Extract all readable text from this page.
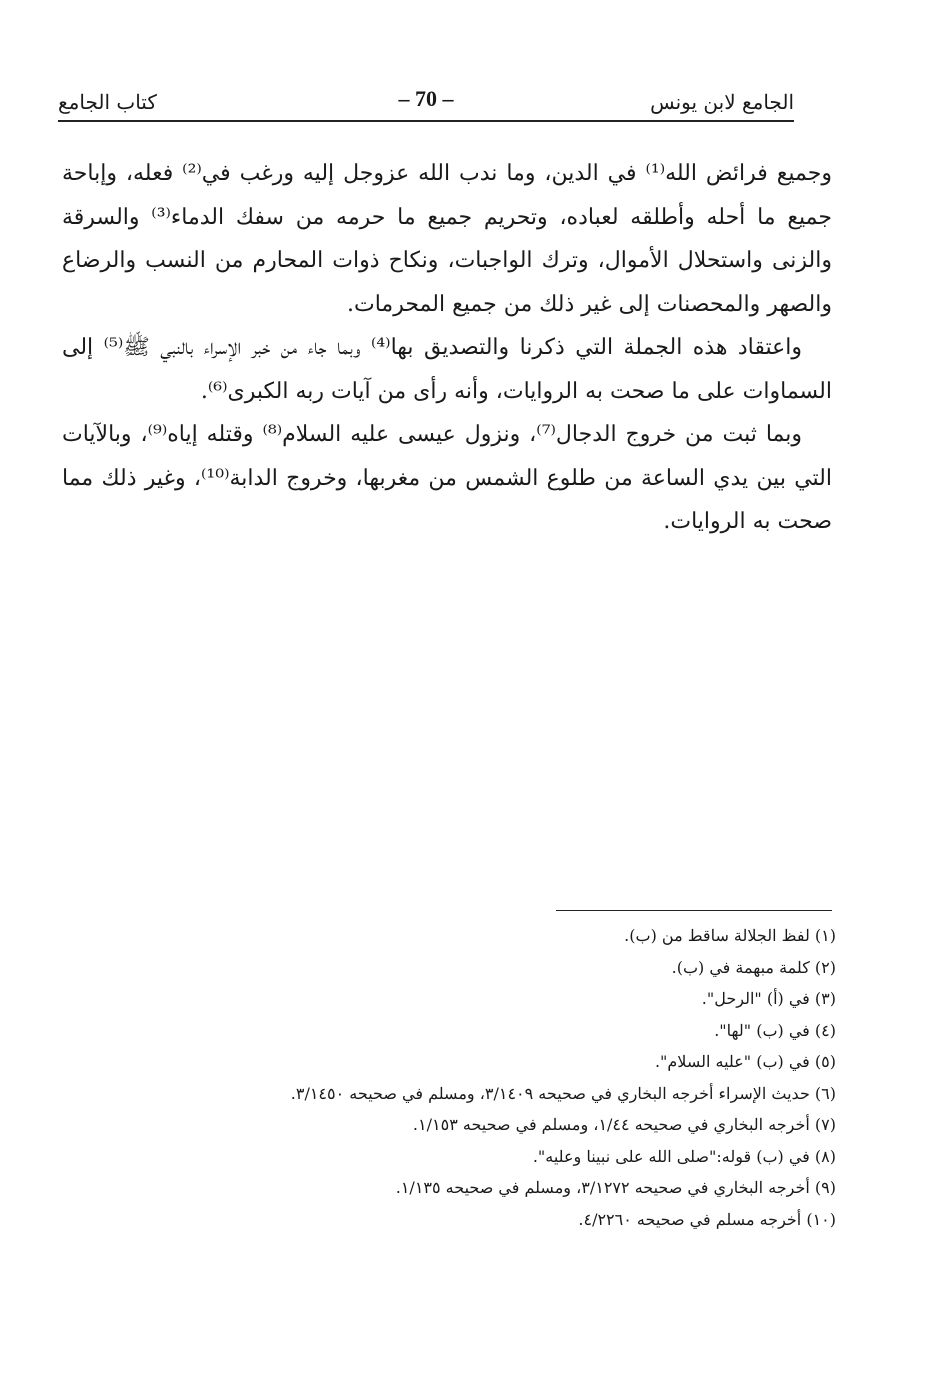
الجامع لابن يونس
– 70 –
كتاب الجامع

وجميع فرائض الله⁽¹⁾ في الدين، وما ندب الله عزوجل إليه ورغب في⁽²⁾ فعله، وإباحة جميع ما أحله وأطلقه لعباده، وتحريم جميع ما حرمه من سفك الدماء⁽³⁾ والسرقة والزنى واستحلال الأموال، وترك الواجبات، ونكاح ذوات المحارم من النسب والرضاع والصهر والمحصنات إلى غير ذلك من جميع المحرمات.

واعتقاد هذه الجملة التي ذكرنا والتصديق بها⁽⁴⁾ وبما جاء من خبر الإسراء بالنبي ﷺ⁽⁵⁾ إلى السماوات على ما صحت به الروايات، وأنه رأى من آيات ربه الكبرى⁽⁶⁾.

وبما ثبت من خروج الدجال⁽⁷⁾، ونزول عيسى عليه السلام⁽⁸⁾ وقتله إياه⁽⁹⁾، وبالآيات التي بين يدي الساعة من طلوع الشمس من مغربها، وخروج الدابة⁽¹⁰⁾، وغير ذلك مما صحت به الروايات.

(١) لفظ الجلالة ساقط من (ب).
(٢) كلمة مبهمة في (ب).
(٣) في (أ) "الرحل".
(٤) في (ب) "لها".
(٥) في (ب) "عليه السلام".
(٦) حديث الإسراء أخرجه البخاري في صحيحه ٣/١٤٠٩، ومسلم في صحيحه ٣/١٤٥٠.
(٧) أخرجه البخاري في صحيحه ١/٤٤، ومسلم في صحيحه ١/١٥٣.
(٨) في (ب) قوله:"صلى الله على نبينا وعليه".
(٩) أخرجه البخاري في صحيحه ٣/١٢٧٢، ومسلم في صحيحه ١/١٣٥.
(١٠) أخرجه مسلم في صحيحه ٤/٢٢٦٠.
